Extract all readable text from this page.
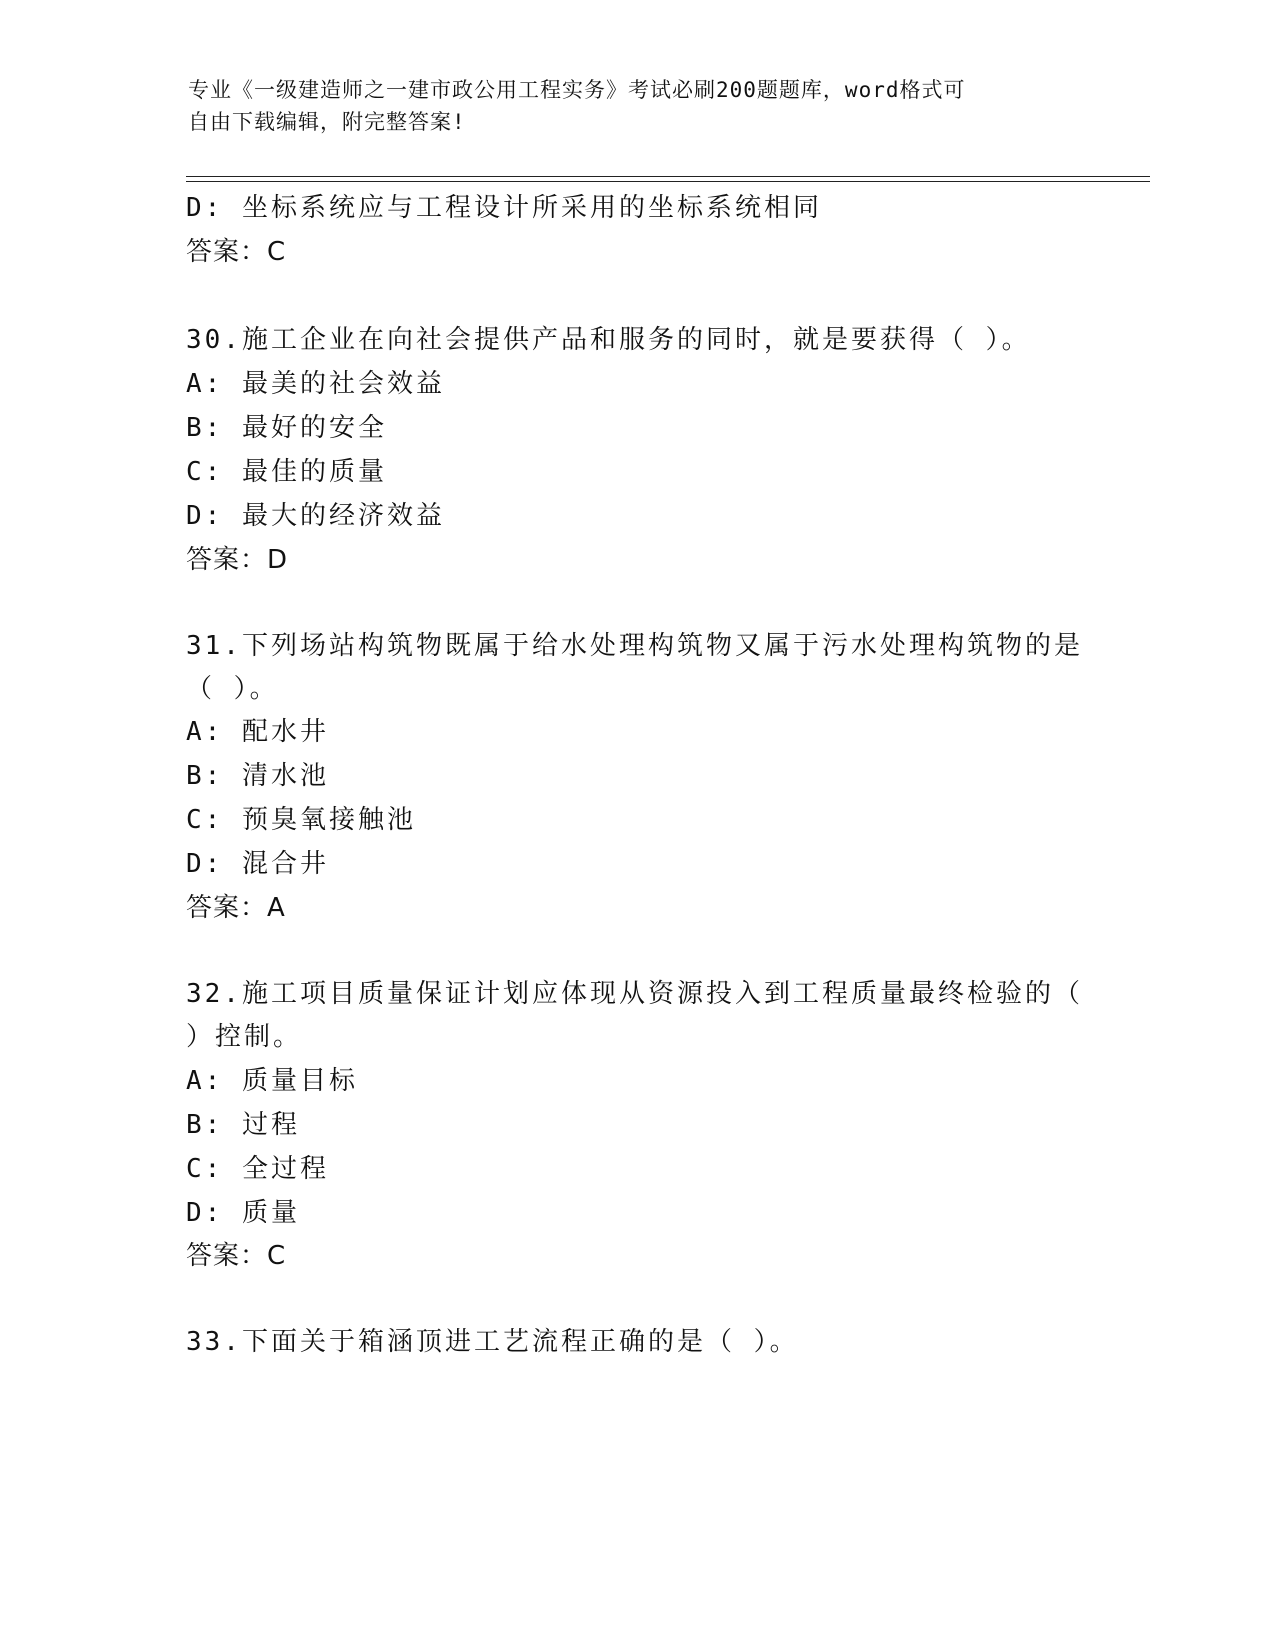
专业《一级建造师之一建市政公用工程实务》考试必刷200题题库，word格式可
自由下载编辑，附完整答案!
D: 坐标系统应与工程设计所采用的坐标系统相同
答案：C
30.施工企业在向社会提供产品和服务的同时，就是要获得（ ）。
A: 最美的社会效益
B: 最好的安全
C: 最佳的质量
D: 最大的经济效益
答案：D
31.下列场站构筑物既属于给水处理构筑物又属于污水处理构筑物的是
（ ）。
A: 配水井
B: 清水池
C: 预臭氧接触池
D: 混合井
答案：A
32.施工项目质量保证计划应体现从资源投入到工程质量最终检验的（
）控制。
A: 质量目标
B: 过程
C: 全过程
D: 质量
答案：C
33.下面关于箱涵顶进工艺流程正确的是（ ）。
